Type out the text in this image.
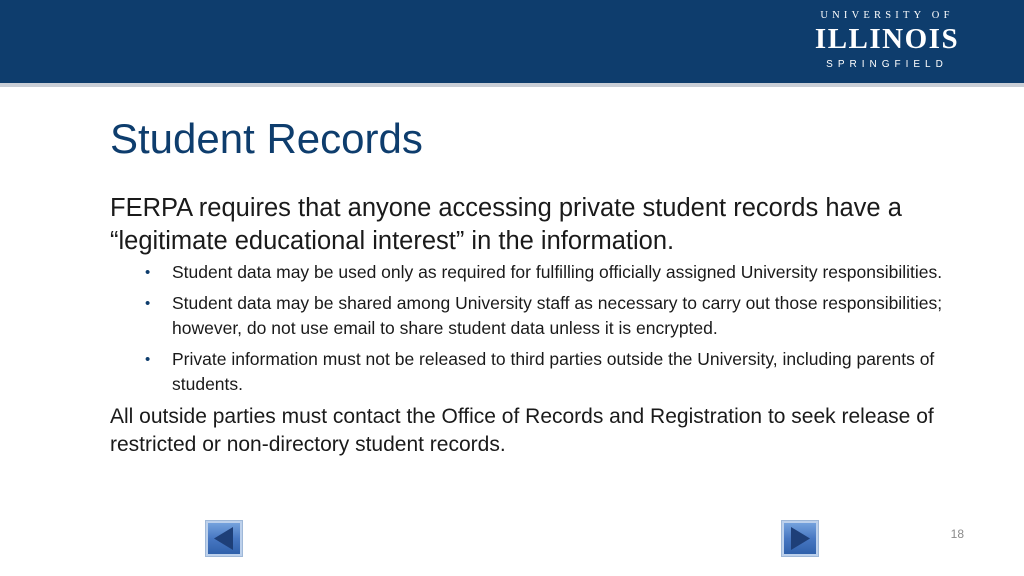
UNIVERSITY OF
ILLINOIS
SPRINGFIELD
Student Records

FERPA requires that anyone accessing private student records have a “legitimate educational interest” in the information.

• Student data may be used only as required for fulfilling officially assigned University responsibilities.
• Student data may be shared among University staff as necessary to carry out those responsibilities; however, do not use email to share student data unless it is encrypted.
• Private information must not be released to third parties outside the University, including parents of students.

All outside parties must contact the Office of Records and Registration to seek release of restricted or non-directory student records.

18
